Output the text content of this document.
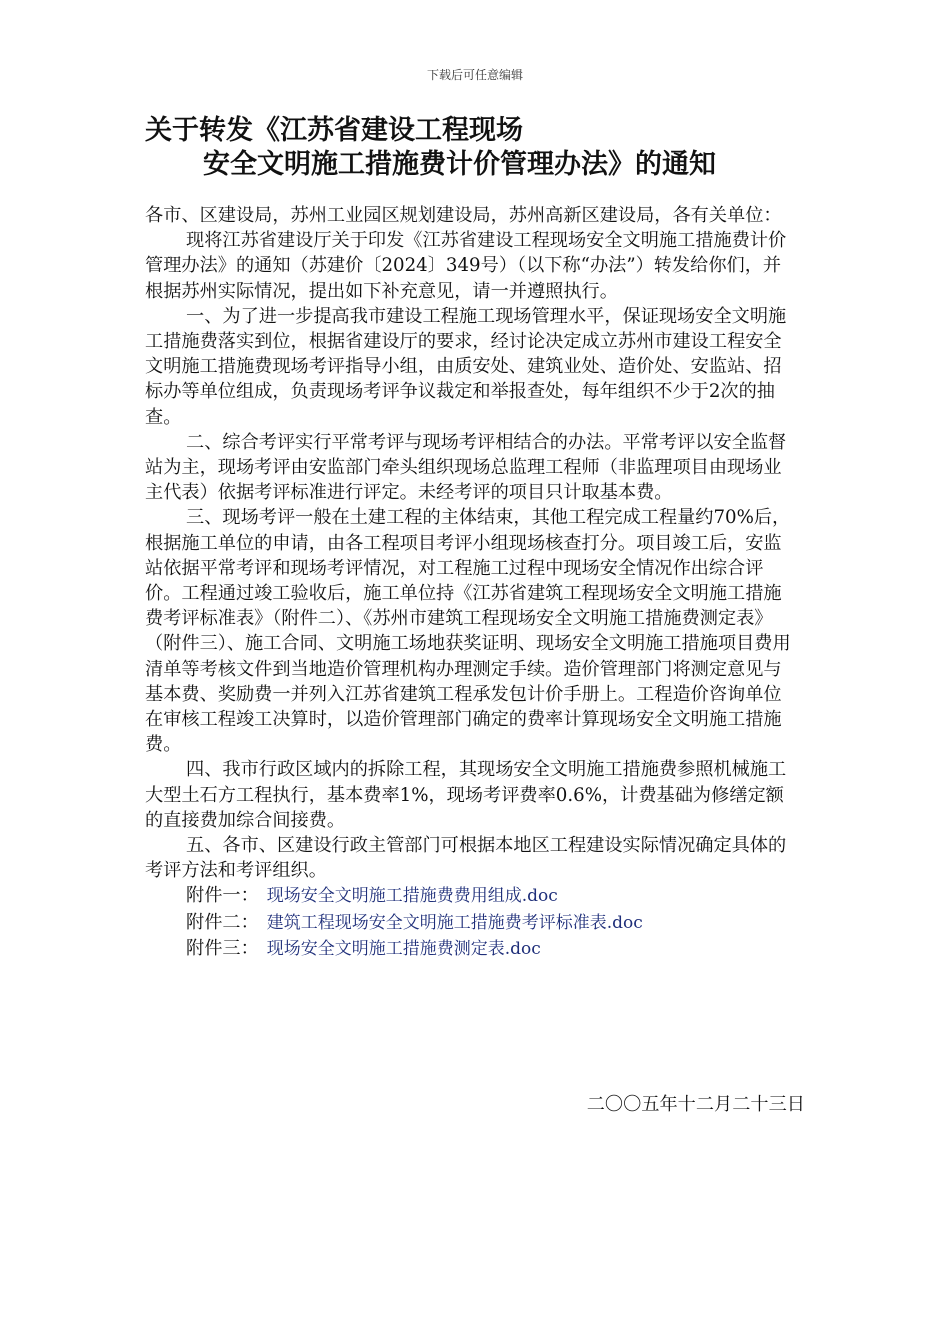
下载后可任意编辑
关于转发《江苏省建设工程现场
安全文明施工措施费计价管理办法》的通知

各市、区建设局，苏州工业园区规划建设局，苏州高新区建设局，各有关单位：

现将江苏省建设厅关于印发《江苏省建设工程现场安全文明施工措施费计价管理办法》的通知（苏建价〔2024〕349号）（以下称“办法”）转发给你们，并根据苏州实际情况，提出如下补充意见，请一并遵照执行。

一、为了进一步提高我市建设工程施工现场管理水平，保证现场安全文明施工措施费落实到位，根据省建设厅的要求，经讨论决定成立苏州市建设工程安全文明施工措施费现场考评指导小组，由质安处、建筑业处、造价处、安监站、招标办等单位组成，负责现场考评争议裁定和举报查处，每年组织不少于2次的抽查。

二、综合考评实行平常考评与现场考评相结合的办法。平常考评以安全监督站为主，现场考评由安监部门牵头组织现场总监理工程师（非监理项目由现场业主代表）依据考评标准进行评定。未经考评的项目只计取基本费。

三、现场考评一般在土建工程的主体结束，其他工程完成工程量约70%后，根据施工单位的申请，由各工程项目考评小组现场核查打分。项目竣工后，安监站依据平常考评和现场考评情况，对工程施工过程中现场安全情况作出综合评价。工程通过竣工验收后，施工单位持《江苏省建筑工程现场安全文明施工措施费考评标准表》（附件二）、《苏州市建筑工程现场安全文明施工措施费测定表》（附件三）、施工合同、文明施工场地获奖证明、现场安全文明施工措施项目费用清单等考核文件到当地造价管理机构办理测定手续。造价管理部门将测定意见与基本费、奖励费一并列入江苏省建筑工程承发包计价手册上。工程造价咨询单位在审核工程竣工决算时，以造价管理部门确定的费率计算现场安全文明施工措施费。

四、我市行政区域内的拆除工程，其现场安全文明施工措施费参照机械施工大型土石方工程执行，基本费率1%，现场考评费率0.6%，计费基础为修缮定额的直接费加综合间接费。

五、各市、区建设行政主管部门可根据本地区工程建设实际情况确定具体的考评方法和考评组织。

附件一： 现场安全文明施工措施费费用组成.doc

附件二： 建筑工程现场安全文明施工措施费考评标准表.doc

附件三： 现场安全文明施工措施费测定表.doc

二〇〇五年十二月二十三日
